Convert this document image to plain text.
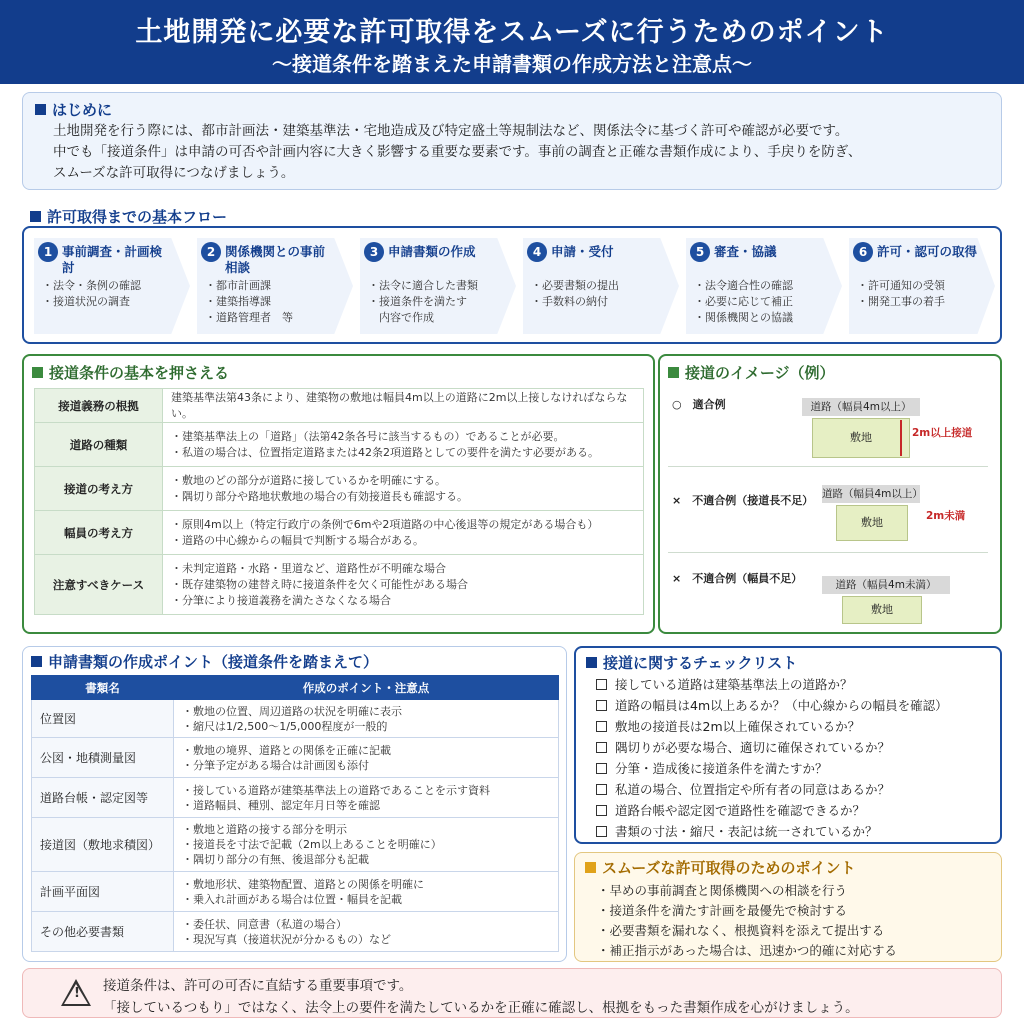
土地開発に必要な許可取得をスムーズに行うためのポイント
〜接道条件を踏まえた申請書類の作成方法と注意点〜
はじめに

土地開発を行う際には、都市計画法・建築基準法・宅地造成及び特定盛土等規制法など、関係法令に基づく許可や確認が必要です。

中でも「接道条件」は申請の可否や計画内容に大きく影響する重要な要素です。事前の調査と正確な書類作成により、手戻りを防ぎ、

スムーズな許可取得につなげましょう。

許可取得までの基本フロー
1 事前調査・計画検討
・法令・条例の確認
・接道状況の調査
2 関係機関との事前相談
・都市計画課
・建築指導課
・道路管理者　等
3 申請書類の作成
・法令に適合した書類
・接道条件を満たす
　内容で作成
4 申請・受付
・必要書類の提出
・手数料の納付
5 審査・協議
・法令適合性の確認
・必要に応じて補正
・関係機関との協議
6 許可・認可の取得
・許可通知の受領
・開発工事の着手
接道条件の基本を押さえる
接道義務の根拠	建築基準法第43条により、建築物の敷地は幅員4m以上の道路に2m以上接しなければならない。

道路の種類	・建築基準法上の「道路」（法第42条各号に該当するもの）であることが必要。
・私道の場合は、位置指定道路または42条2項道路としての要件を満たす必要がある。

接道の考え方	・敷地のどの部分が道路に接しているかを明確にする。
・隅切り部分や路地状敷地の場合の有効接道長も確認する。

幅員の考え方	・原則4m以上（特定行政庁の条例で6mや2項道路の中心後退等の規定がある場合も）
・道路の中心線からの幅員で判断する場合がある。

注意すべきケース	・未判定道路・水路・里道など、道路性が不明確な場合
・既存建築物の建替え時に接道条件を欠く可能性がある場合
・分筆により接道義務を満たさなくなる場合
接道のイメージ（例）
○　適合例	道路（幅員4m以上）
敷地	2m以上接道
×　不適合例（接道長不足） 道路（幅員4m以上）
敷地	2m未満
×　不適合例（幅員不足）	道路（幅員4m未満）
敷地
申請書類の作成ポイント（接道条件を踏まえて）
書類名	作成のポイント・注意点
位置図	・敷地の位置、周辺道路の状況を明確に表示
・縮尺は1/2,500〜1/5,000程度が一般的

公図・地積測量図	・敷地の境界、道路との関係を正確に記載
・分筆予定がある場合は計画図も添付

道路台帳・認定図等	・接している道路が建築基準法上の道路であることを示す資料
・道路幅員、種別、認定年月日等を確認

接道図（敷地求積図）	・敷地と道路の接する部分を明示
・接道長を寸法で記載（2m以上あることを明確に）
・隅切り部分の有無、後退部分も記載

計画平面図	・敷地形状、建築物配置、道路との関係を明確に
・乗入れ計画がある場合は位置・幅員を記載

その他必要書類	・委任状、同意書（私道の場合）
・現況写真（接道状況が分かるもの）など
接道に関するチェックリスト
接している道路は建築基準法上の道路か？
道路の幅員は4m以上あるか？（中心線からの幅員を確認）
敷地の接道長は2m以上確保されているか？
隅切りが必要な場合、適切に確保されているか？
分筆・造成後に接道条件を満たすか？
私道の場合、位置指定や所有者の同意はあるか？
道路台帳や認定図で道路性を確認できるか？
書類の寸法・縮尺・表記は統一されているか？
スムーズな許可取得のためのポイント
・早めの事前調査と関係機関への相談を行う
・接道条件を満たす計画を最優先で検討する
・必要書類を漏れなく、根拠資料を添えて提出する
・補正指示があった場合は、迅速かつ的確に対応する
! 接道条件は、許可の可否に直結する重要事項です。
「接しているつもり」ではなく、法令上の要件を満たしているかを正確に確認し、根拠をもった書類作成を心がけましょう。
